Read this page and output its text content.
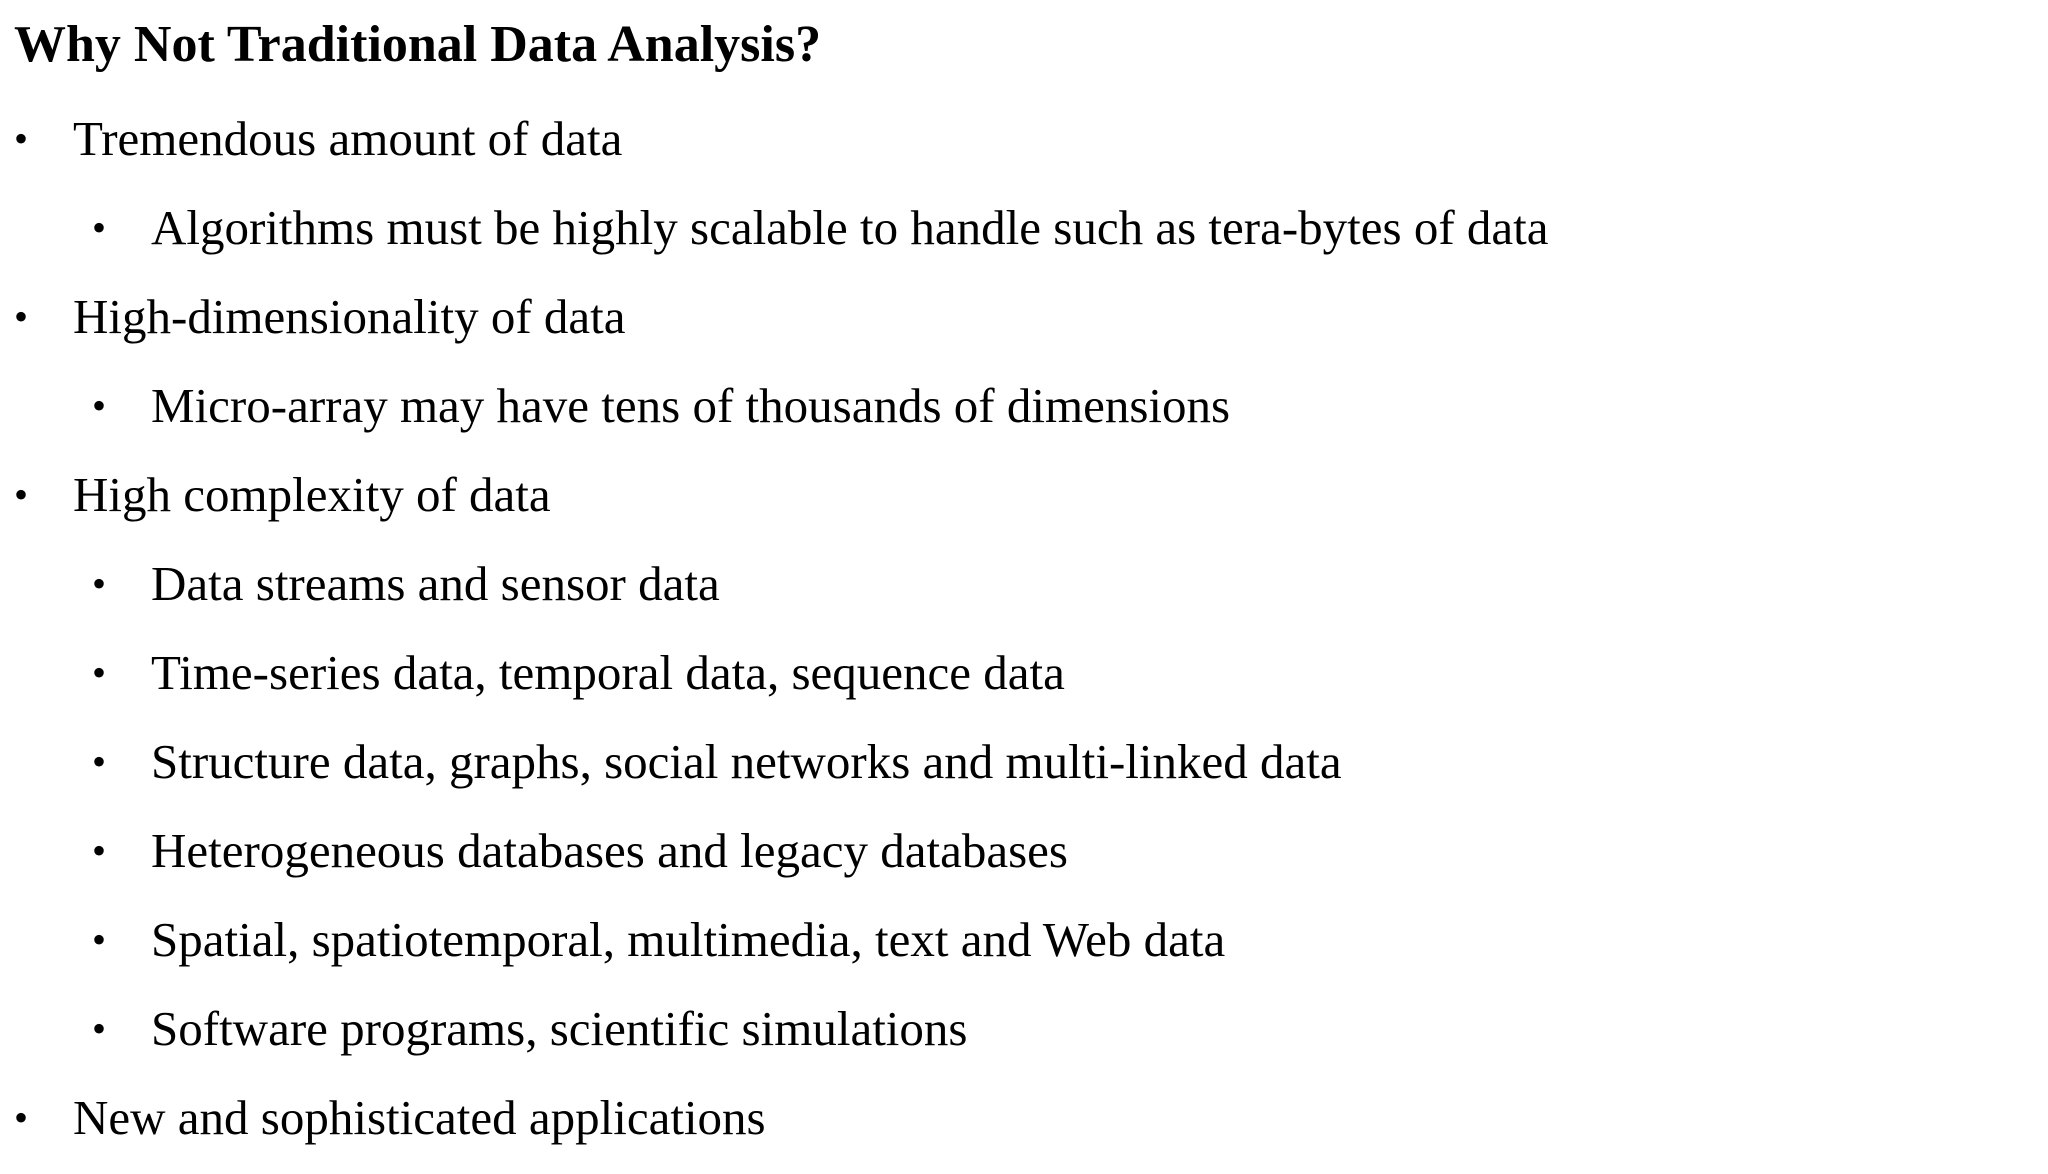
Why Not Traditional Data Analysis?
• Tremendous amount of data
• Algorithms must be highly scalable to handle such as tera-bytes of data
• High-dimensionality of data
• Micro-array may have tens of thousands of dimensions
• High complexity of data
• Data streams and sensor data
• Time-series data, temporal data, sequence data
• Structure data, graphs, social networks and multi-linked data
• Heterogeneous databases and legacy databases
• Spatial, spatiotemporal, multimedia, text and Web data
• Software programs, scientific simulations
• New and sophisticated applications
